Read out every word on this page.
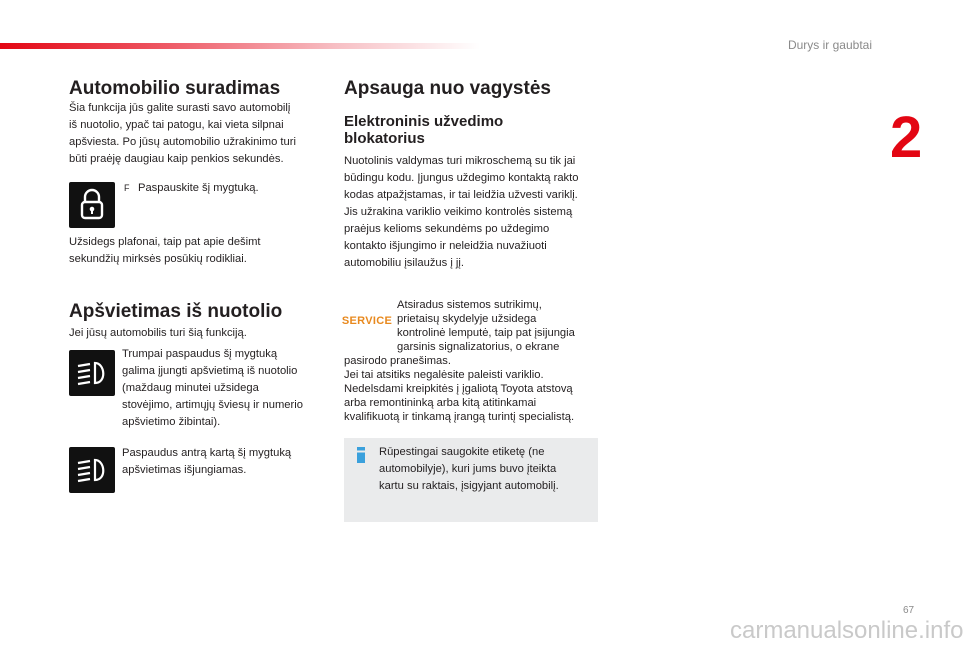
Durys ir gaubtai
2
Automobilio suradimas
Šia funkcija jūs galite surasti savo automobilį
iš nuotolio, ypač tai patogu, kai vieta silpnai
apšviesta. Po jūsų automobilio užrakinimo turi
būti praėję daugiau kaip penkios sekundės.
F Paspauskite šį mygtuką.
Užsidegs plafonai, taip pat apie dešimt
sekundžių mirksės posūkių rodikliai.
Apšvietimas iš nuotolio
Jei jūsų automobilis turi šią funkciją.
Trumpai paspaudus šį mygtuką
galima įjungti apšvietimą iš nuotolio
(maždaug minutei užsidega
stovėjimo, artimųjų šviesų ir numerio
apšvietimo žibintai).
Paspaudus antrą kartą šį mygtuką
apšvietimas išjungiamas.
Apsauga nuo vagystės
Elektroninis užvedimo
blokatorius
Nuotolinis valdymas turi mikroschemą su tik jai
būdingu kodu. Įjungus uždegimo kontaktą rakto
kodas atpažįstamas, ir tai leidžia užvesti variklį.
Jis užrakina variklio veikimo kontrolės sistemą
praėjus kelioms sekundėms po uždegimo
kontakto išjungimo ir neleidžia nuvažiuoti
automobiliu įsilaužus į jį.
SERVICE
Atsiradus sistemos sutrikimų,
prietaisų skydelyje užsidega
kontrolinė lemputė, taip pat įsijungia
garsinis signalizatorius, o ekrane
pasirodo pranešimas.
Jei tai atsitiks negalėsite paleisti variklio.
Nedelsdami kreipkitės į įgaliotą Toyota atstovą
arba remontininką arba kitą atitinkamai
kvalifikuotą ir tinkamą įrangą turintį specialistą.
Rūpestingai saugokite etiketę (ne
automobilyje), kuri jums buvo įteikta
kartu su raktais, įsigyjant automobilį.
67
carmanualsonline.info
